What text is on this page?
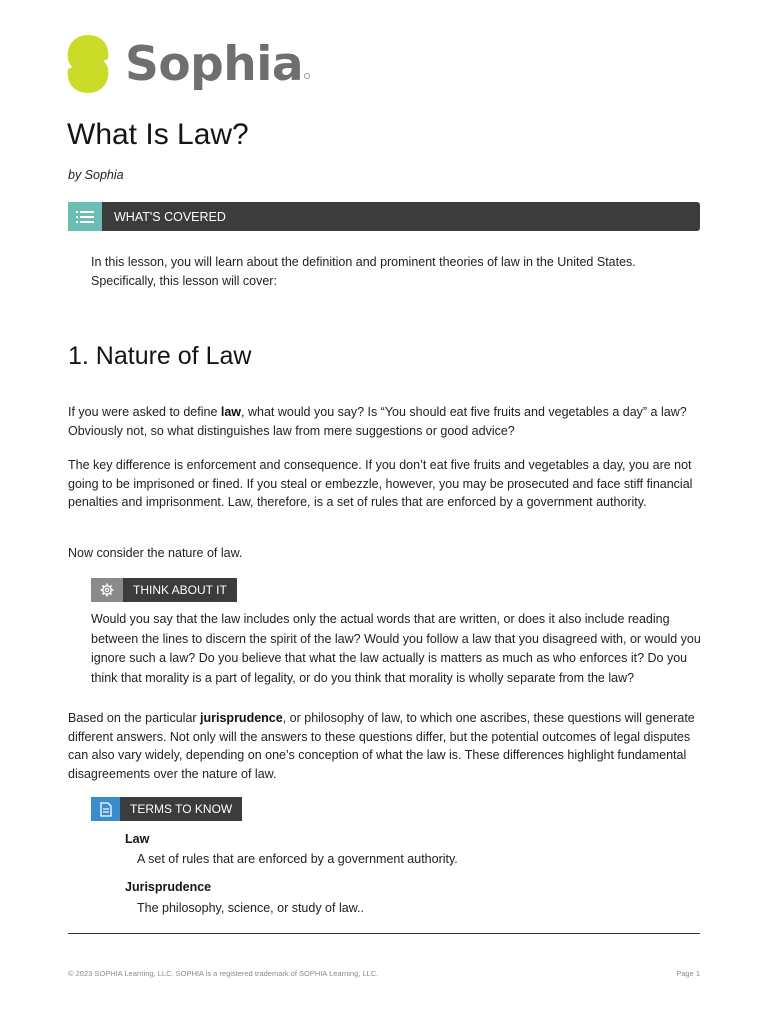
Sophia
What Is Law?
by Sophia
WHAT'S COVERED

In this lesson, you will learn about the definition and prominent theories of law in the United States. Specifically, this lesson will cover:

1. Nature of Law

If you were asked to define law, what would you say? Is “You should eat five fruits and vegetables a day” a law? Obviously not, so what distinguishes law from mere suggestions or good advice?

The key difference is enforcement and consequence. If you don’t eat five fruits and vegetables a day, you are not going to be imprisoned or fined. If you steal or embezzle, however, you may be prosecuted and face stiff financial penalties and imprisonment. Law, therefore, is a set of rules that are enforced by a government authority.

Now consider the nature of law.

THINK ABOUT IT

Would you say that the law includes only the actual words that are written, or does it also include reading between the lines to discern the spirit of the law? Would you follow a law that you disagreed with, or would you ignore such a law? Do you believe that what the law actually is matters as much as who enforces it? Do you think that morality is a part of legality, or do you think that morality is wholly separate from the law?

Based on the particular jurisprudence, or philosophy of law, to which one ascribes, these questions will generate different answers. Not only will the answers to these questions differ, but the potential outcomes of legal disputes can also vary widely, depending on one’s conception of what the law is. These differences highlight fundamental disagreements over the nature of law.

TERMS TO KNOW
Law
A set of rules that are enforced by a government authority.
Jurisprudence
The philosophy, science, or study of law..
© 2023 SOPHIA Learning, LLC. SOPHIA is a registered trademark of SOPHIA Learning, LLC.	Page 1
